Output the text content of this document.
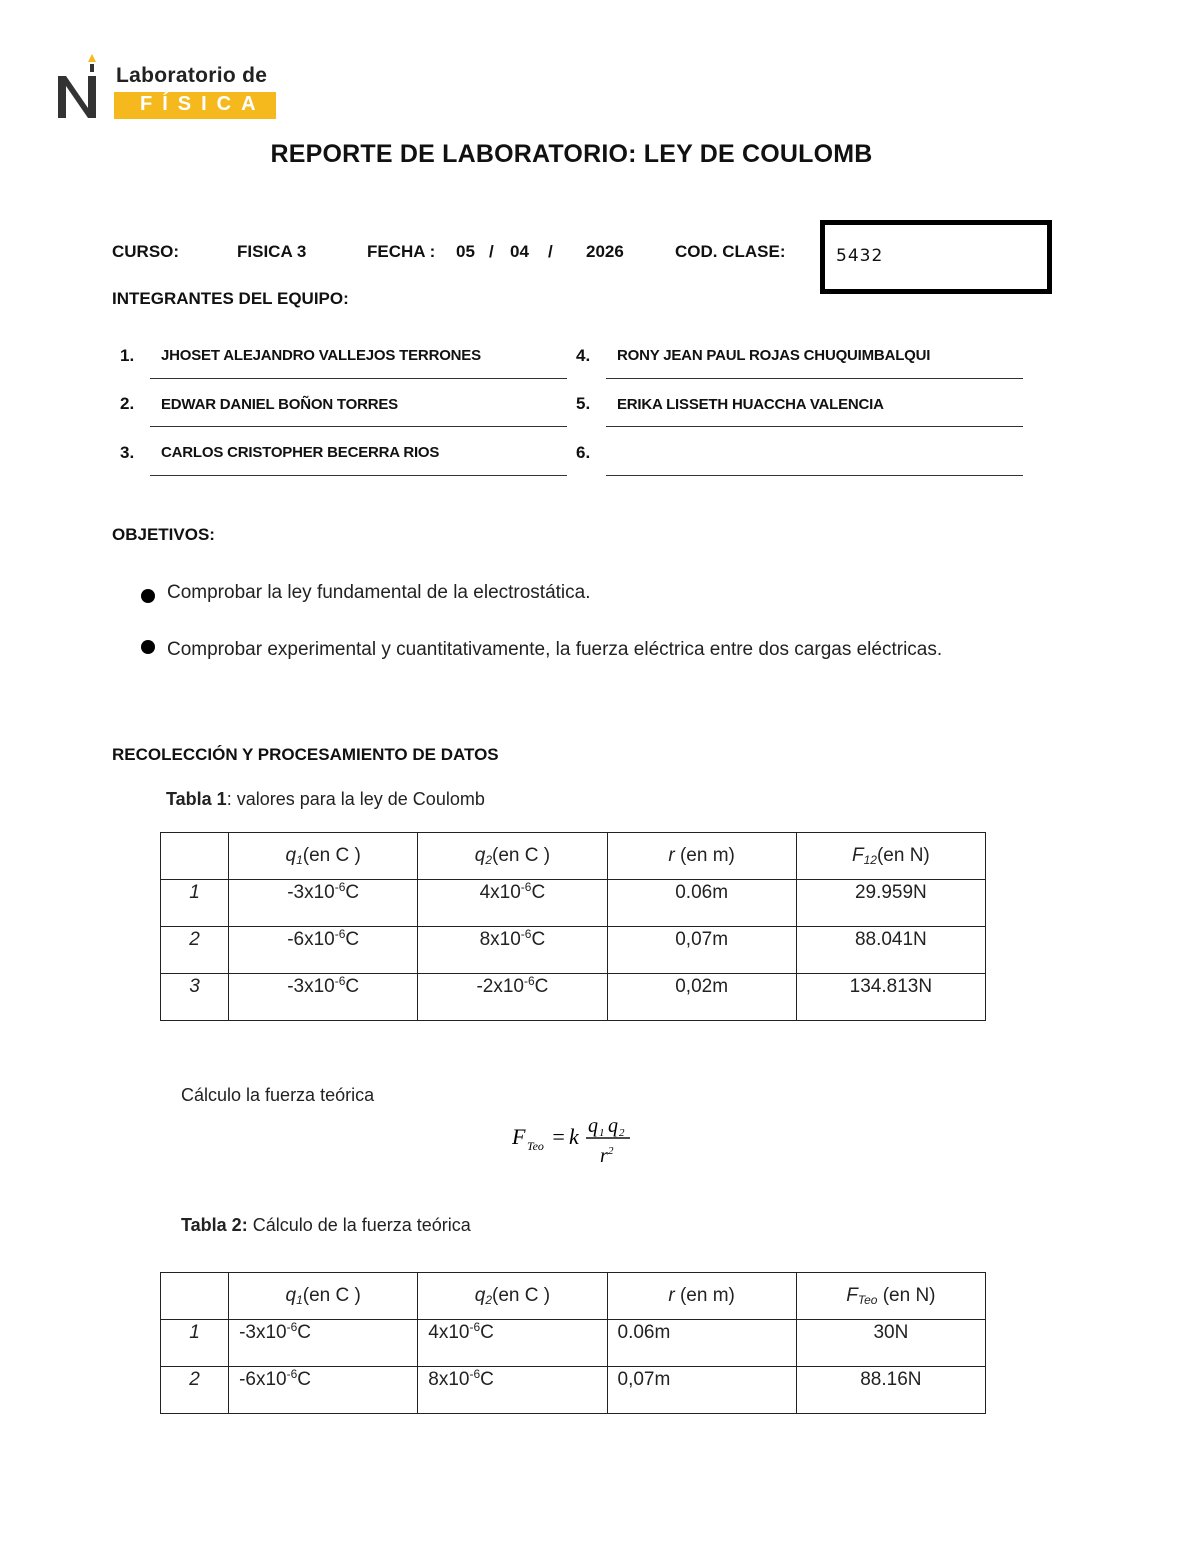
Laboratorio de
FÍSICA
REPORTE DE LABORATORIO: LEY DE COULOMB
CURSO:	FISICA 3	FECHA : 05 / 04 / 2026	COD. CLASE:	5432
INTEGRANTES DEL EQUIPO:
1. JHOSET ALEJANDRO VALLEJOS TERRONES
2. EDWAR DANIEL BOÑON TORRES
3. CARLOS CRISTOPHER BECERRA RIOS
4. RONY JEAN PAUL ROJAS CHUQUIMBALQUI
5. ERIKA LISSETH HUACCHA VALENCIA
6.
OBJETIVOS:
Comprobar la ley fundamental de la electrostática.
Comprobar experimental y cuantitativamente, la fuerza eléctrica entre dos cargas eléctricas.
RECOLECCIÓN Y PROCESAMIENTO DE DATOS
Tabla 1: valores para la ley de Coulomb
	$q_1(en$ C )	$q_2(en$ C )	r (en m)	$F_{12}(en$ N)
1	$-3x10^{-6}C$	$4x10^{-6}C$	0.06m	29.959N
2	$-6x10^{-6}C$	$8x10^{-6}C$	0,07m	88.041N
3	$-3x10^{-6}C$	$-2x10^{-6}C$	0,02m	134.813N
Cálculo la fuerza teórica
F Teo = k q 1 q 2
r 2
Tabla 2: Cálculo de la fuerza teórica
	$q_1(en$ C )	$q_2(en$ C )	r (en m)	$F_{Teo}$ (en N)
1	$-3x10^{-6}C$	$4x10^{-6}C$	0.06m	30N
2	$-6x10^{-6}C$	$8x10^{-6}C$	0,07m	88.16N
